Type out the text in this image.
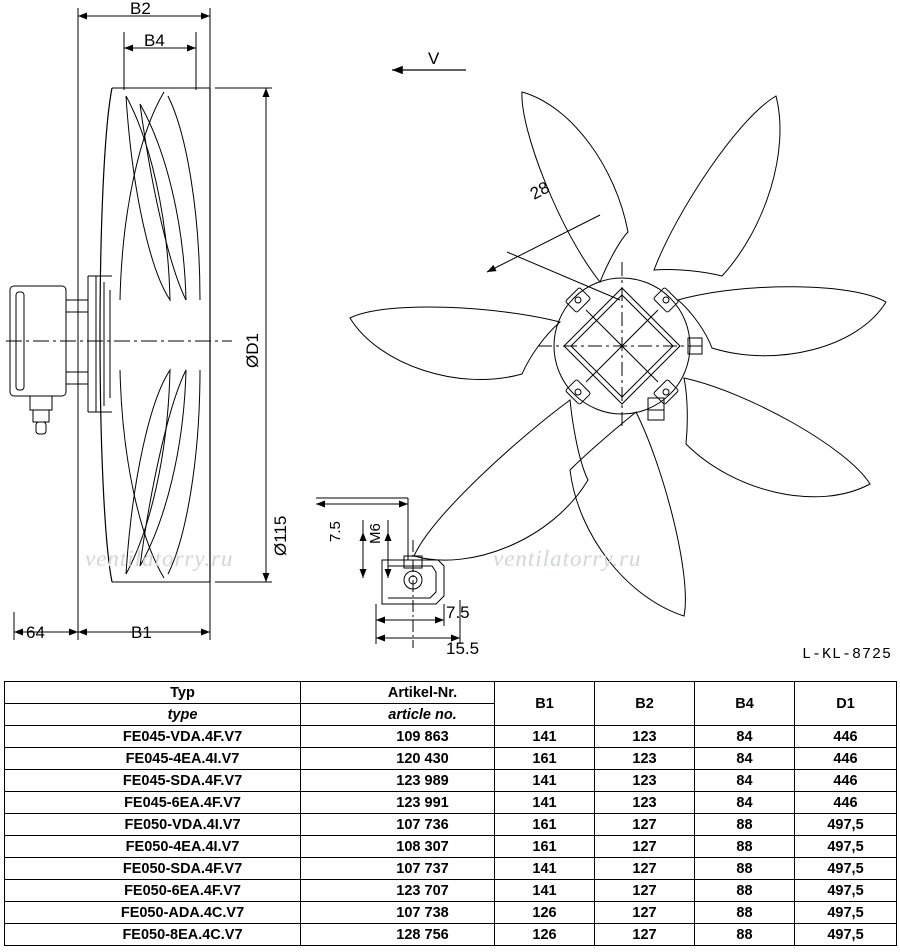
B2
B4
B1
64
V
28
Ø115 7.5 M6
7.5
15.5
ØD1
ventilatorry.ru	ventilatorry.ru
L-KL-8725
Typ	Artikel-Nr.	B1	B2	B4	D1
type	article no.				
FE045-VDA.4F.V7	109 863	141	123	84	446
FE045-4EA.4I.V7	120 430	161	123	84	446
FE045-SDA.4F.V7	123 989	141	123	84	446
FE045-6EA.4F.V7	123 991	141	123	84	446
FE050-VDA.4I.V7	107 736	161	127	88	497,5
FE050-4EA.4I.V7	108 307	161	127	88	497,5
FE050-SDA.4F.V7	107 737	141	127	88	497,5
FE050-6EA.4F.V7	123 707	141	127	88	497,5
FE050-ADA.4C.V7	107 738	126	127	88	497,5
FE050-8EA.4C.V7	128 756	126	127	88	497,5
